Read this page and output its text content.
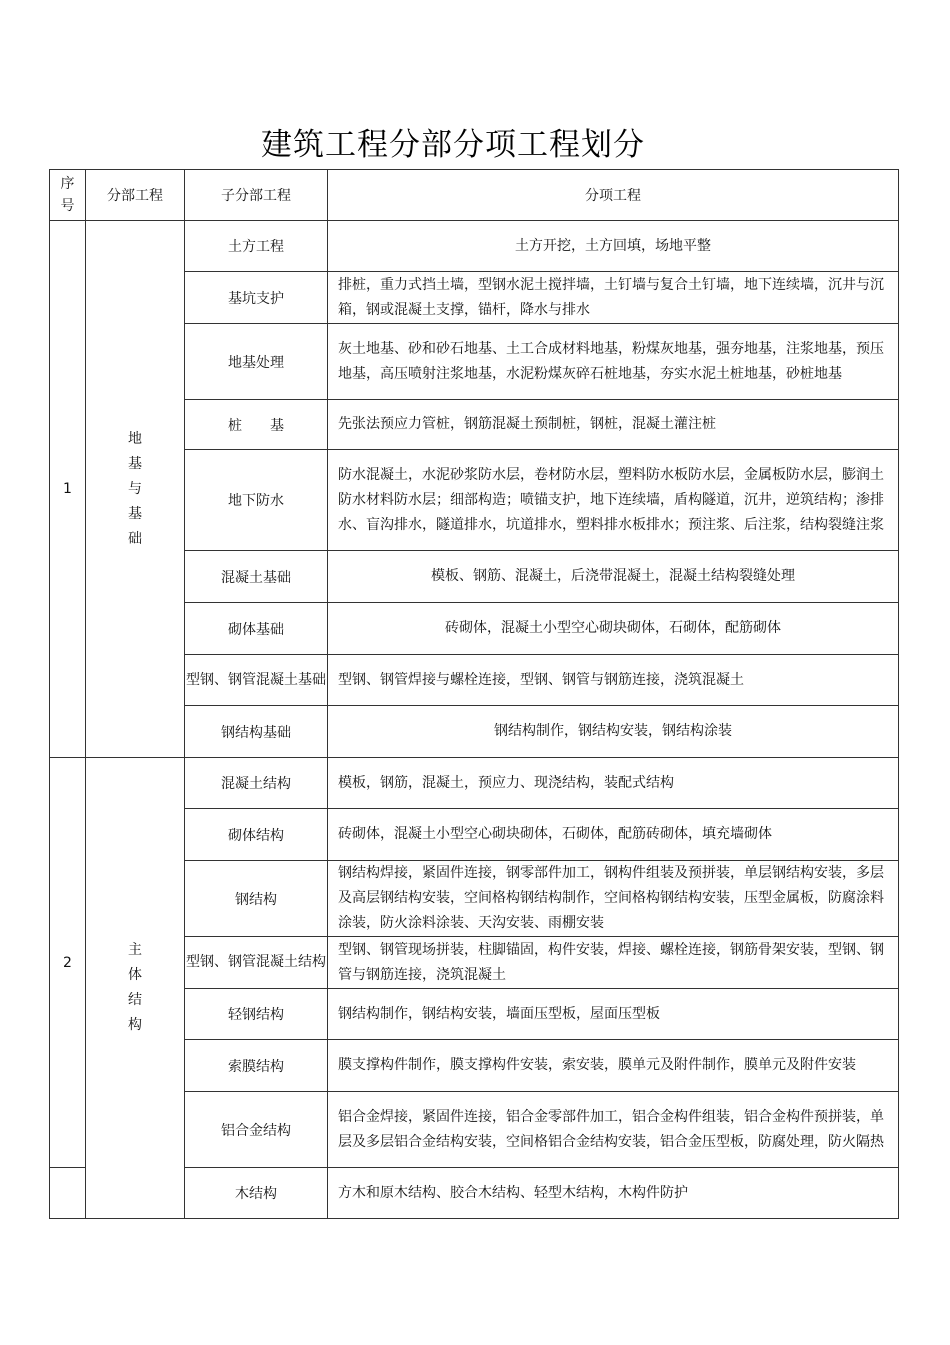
建筑工程分部分项工程划分
序号	分部工程	子分部工程	分项工程
1	地基与基础	土方工程	土方开挖，土方回填，场地平整
		基坑支护	排桩，重力式挡土墙，型钢水泥土搅拌墙，土钉墙与复合土钉墙，地下连续墙，沉井与沉箱，钢或混凝土支撑，锚杆，降水与排水
		地基处理	灰土地基、砂和砂石地基、土工合成材料地基，粉煤灰地基，强夯地基，注浆地基，预压地基，高压喷射注浆地基，水泥粉煤灰碎石桩地基，夯实水泥土桩地基，砂桩地基
		桩　　基	先张法预应力管桩，钢筋混凝土预制桩，钢桩，混凝土灌注桩
		地下防水	防水混凝土，水泥砂浆防水层，卷材防水层，塑料防水板防水层，金属板防水层，膨润土防水材料防水层；细部构造；喷锚支护，地下连续墙，盾构隧道，沉井，逆筑结构；渗排水、盲沟排水，隧道排水，坑道排水，塑料排水板排水；预注浆、后注浆，结构裂缝注浆
		混凝土基础	模板、钢筋、混凝土，后浇带混凝土，混凝土结构裂缝处理
		砌体基础	砖砌体，混凝土小型空心砌块砌体，石砌体，配筋砌体
		型钢、钢管混凝土基础	型钢、钢管焊接与螺栓连接，型钢、钢管与钢筋连接，浇筑混凝土
		钢结构基础	钢结构制作，钢结构安装，钢结构涂装
2	主体结构	混凝土结构	模板，钢筋，混凝土，预应力、现浇结构，装配式结构
		砌体结构	砖砌体，混凝土小型空心砌块砌体，石砌体，配筋砖砌体，填充墙砌体
		钢结构	钢结构焊接，紧固件连接，钢零部件加工，钢构件组装及预拼装，单层钢结构安装，多层及高层钢结构安装，空间格构钢结构制作，空间格构钢结构安装，压型金属板，防腐涂料涂装，防火涂料涂装、天沟安装、雨棚安装
		型钢、钢管混凝土结构	型钢、钢管现场拼装，柱脚锚固，构件安装，焊接、螺栓连接，钢筋骨架安装，型钢、钢管与钢筋连接，浇筑混凝土
		轻钢结构	钢结构制作，钢结构安装，墙面压型板，屋面压型板
		索膜结构	膜支撑构件制作，膜支撑构件安装，索安装，膜单元及附件制作，膜单元及附件安装
		铝合金结构	铝合金焊接，紧固件连接，铝合金零部件加工，铝合金构件组装，铝合金构件预拼装，单层及多层铝合金结构安装，空间格铝合金结构安装，铝合金压型板，防腐处理，防火隔热
		木结构	方木和原木结构、胶合木结构、轻型木结构，木构件防护
